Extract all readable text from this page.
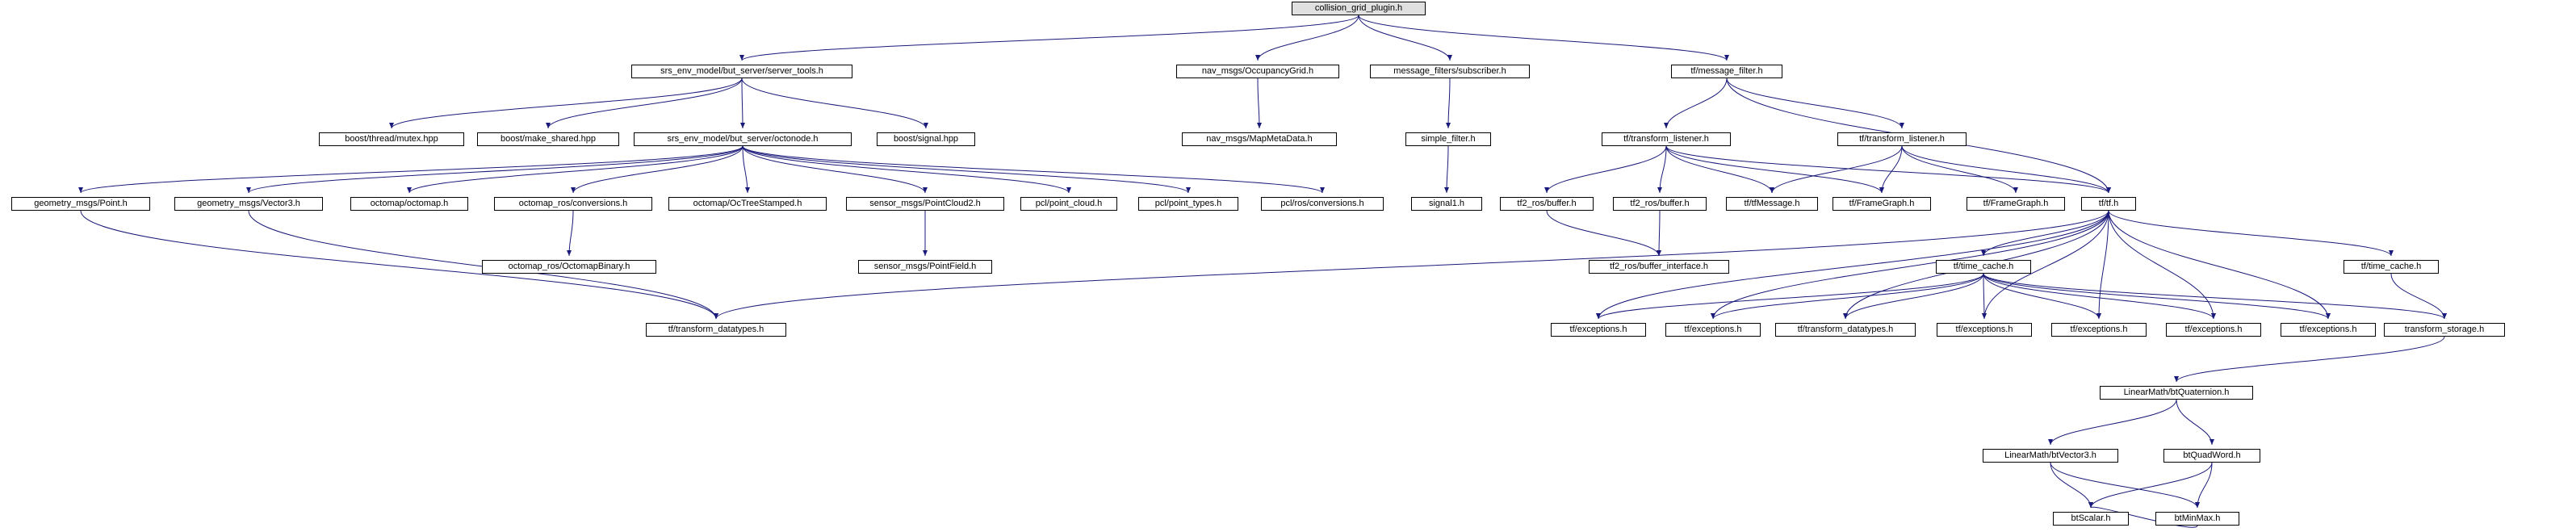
collision_grid_plugin.h
srs_env_model/but_server/server_tools.h	nav_msgs/OccupancyGrid.h	message_filters/subscriber.h	tf/message_filter.h
boost/thread/mutex.hpp	boost/make_shared.hpp	srs_env_model/but_server/octonode.h	boost/signal.hpp	nav_msgs/MapMetaData.h	simple_filter.h	tf/transform_listener.h	tf/transform_listener.h
geometry_msgs/Point.h	geometry_msgs/Vector3.h	octomap/octomap.h	octomap_ros/conversions.h	octomap/OcTreeStamped.h	sensor_msgs/PointCloud2.h	pcl/point_cloud.h	pcl/point_types.h	pcl/ros/conversions.h	signal1.h	tf2_ros/buffer.h	tf2_ros/buffer.h	tf/tfMessage.h	tf/FrameGraph.h	tf/FrameGraph.h	tf/tf.h
octomap_ros/OctomapBinary.h	sensor_msgs/PointField.h	tf2_ros/buffer_interface.h	tf/time_cache.h	tf/time_cache.h
tf/transform_datatypes.h	tf/exceptions.h	tf/exceptions.h	tf/transform_datatypes.h	tf/exceptions.h	tf/exceptions.h	tf/exceptions.h	tf/exceptions.h	transform_storage.h
LinearMath/btQuaternion.h
LinearMath/btVector3.h	btQuadWord.h
btScalar.h	btMinMax.h
